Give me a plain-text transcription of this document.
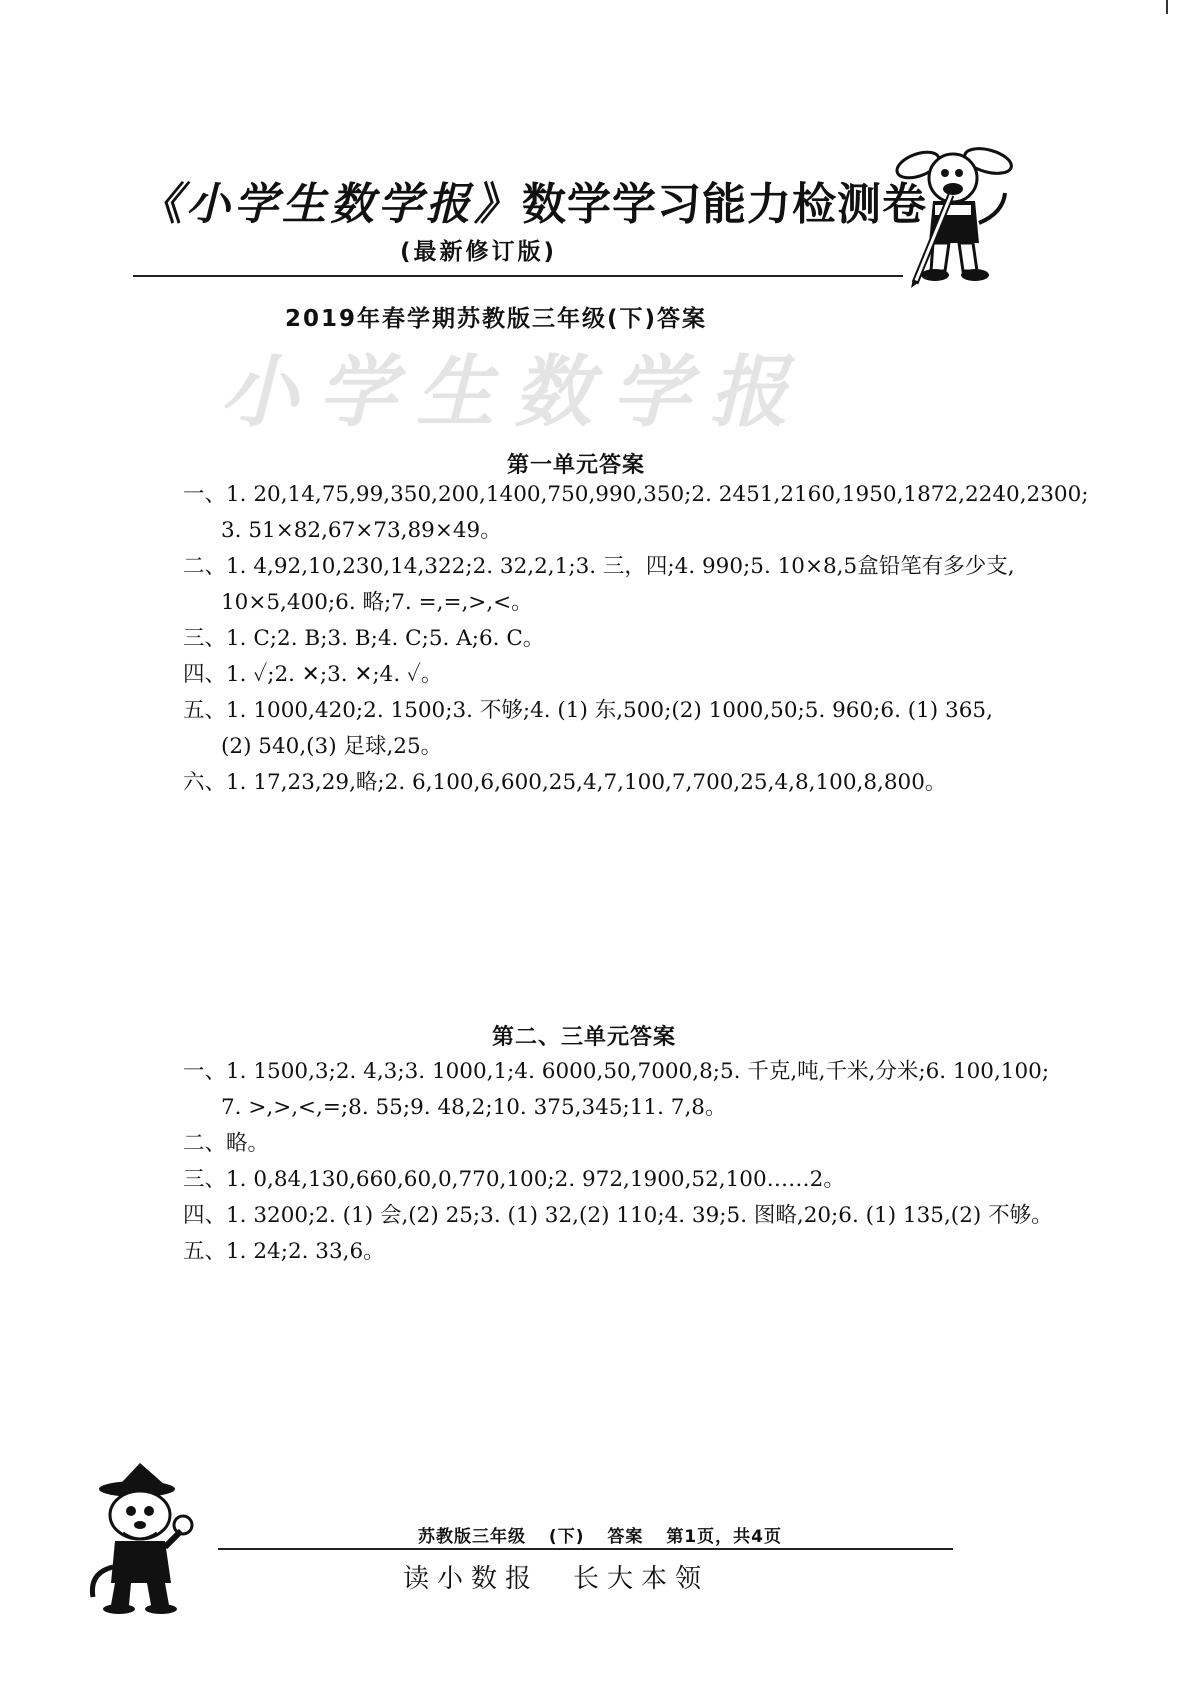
《小学生数学报》数学学习能力检测卷
(最新修订版)
2019年春学期苏教版三年级(下)答案
小学生数学报
第一单元答案
一、1. 20,14,75,99,350,200,1400,750,990,350;2. 2451,2160,1950,1872,2240,2300;
3. 51×82,67×73,89×49。
二、1. 4,92,10,230,14,322;2. 32,2,1;3. 三，四;4. 990;5. 10×8,5盒铅笔有多少支,
10×5,400;6. 略;7. =,=,>,<。
三、1. C;2. B;3. B;4. C;5. A;6. C。
四、1. ✓;2. ✕;3. ✕;4. ✓。
五、1. 1000,420;2. 1500;3. 不够;4. (1) 东,500;(2) 1000,50;5. 960;6. (1) 365,
(2) 540,(3) 足球,25。
六、1. 17,23,29,略;2. 6,100,6,600,25,4,7,100,7,700,25,4,8,100,8,800。
第二、三单元答案
一、1. 1500,3;2. 4,3;3. 1000,1;4. 6000,50,7000,8;5. 千克,吨,千米,分米;6. 100,100;
7. >,>,<,=;8. 55;9. 48,2;10. 375,345;11. 7,8。
二、略。
三、1. 0,84,130,660,60,0,770,100;2. 972,1900,52,100……2。
四、1. 3200;2. (1) 会,(2) 25;3. (1) 32,(2) 110;4. 39;5. 图略,20;6. (1) 135,(2) 不够。
五、1. 24;2. 33,6。
苏教版三年级 (下) 答案 第1页，共4页
读小数报 长大本领
